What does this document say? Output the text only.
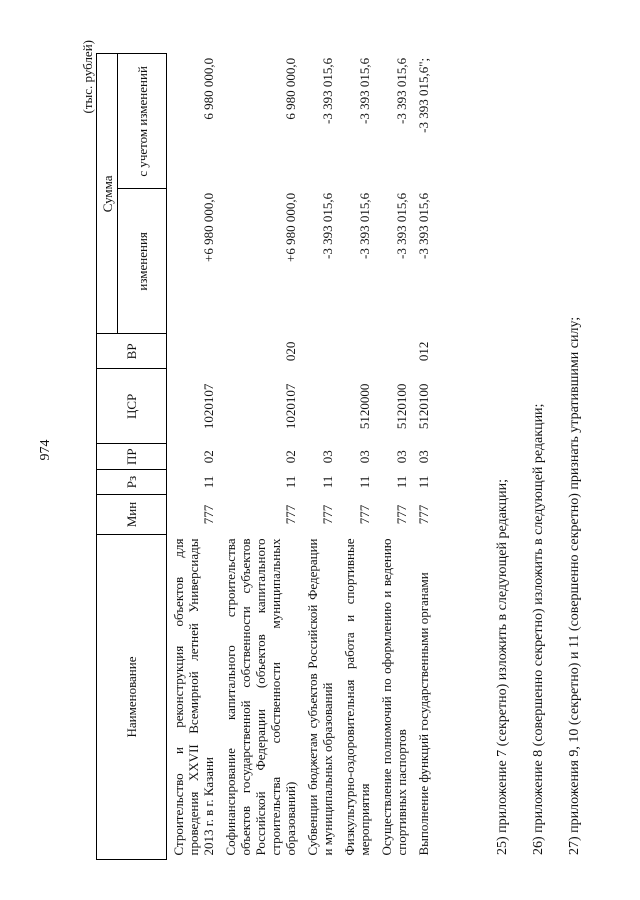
974
(тыс. рублей)
Наименование	Мин	Рз	ПР	ЦСР	ВР	Сумма	
						изменения	с учетом изменений
Строительство и реконструкция объектов для проведения XXVII Всемирной летней Универсиады 2013 г. в г. Казани	777	11	02	1020107		+6 980 000,0	6 980 000,0
Софинансирование капитального строительства объектов государственной собственности субъектов Российской Федерации (объектов капитального строительства собственности муниципальных образований)	777	11	02	1020107	020	+6 980 000,0	6 980 000,0
Субвенции бюджетам субъектов Российской Федерации и муниципальных образований	777	11	03			-3 393 015,6	-3 393 015,6
Физкультурно-оздоровительная работа и спортивные мероприятия	777	11	03	5120000		-3 393 015,6	-3 393 015,6
Осуществление полномочий по оформлению и ведению спортивных паспортов	777	11	03	5120100		-3 393 015,6	-3 393 015,6
Выполнение функций государственными органами	777	11	03	5120100	012	-3 393 015,6	-3 393 015,6";

25) приложение 7 (секретно) изложить в следующей редакции; 26) приложение 8 (совершенно секретно) изложить в следующей редакции; 27) приложения 9, 10 (секретно) и 11 (совершенно секретно) признать утратившими силу;
